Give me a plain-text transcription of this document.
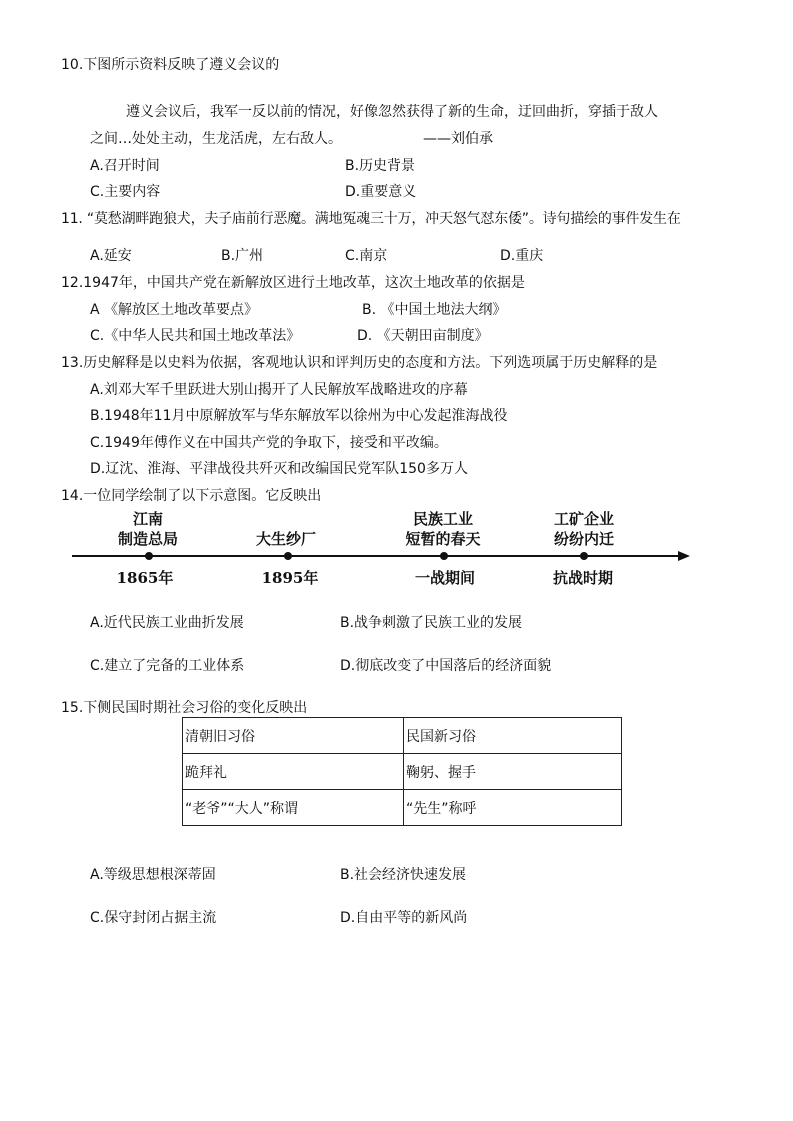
10.下图所示资料反映了遵义会议的
遵义会议后，我军一反以前的情况，好像忽然获得了新的生命，迂回曲折，穿插于敌人
之间…处处主动，生龙活虎，左右敌人。	——刘伯承
A.召开时间	B.历史背景
C.主要内容	D.重要意义
11. “莫愁湖畔跑狼犬，夫子庙前行恶魔。满地冤魂三十万，冲天怒气怼东倭”。诗句描绘的事件发生在
A.延安	B.广州	C.南京	D.重庆
12.1947年，中国共产党在新解放区进行土地改革，这次土地改革的依据是
A 《解放区土地改革要点》	B. 《中国土地法大纲》
C.《中华人民共和国土地改革法》	D. 《天朝田亩制度》
13.历史解释是以史料为依据，客观地认识和评判历史的态度和方法。下列选项属于历史解释的是
A.刘邓大军千里跃进大别山揭开了人民解放军战略进攻的序幕
B.1948年11月中原解放军与华东解放军以徐州为中心发起淮海战役
C.1949年傅作义在中国共产党的争取下，接受和平改编。
D.辽沈、淮海、平津战役共歼灭和改编国民党军队150多万人
14.一位同学绘制了以下示意图。它反映出
江南
制造总局	大生纱厂
民族工业
短暂的春天
工矿企业
纷纷内迁
1865年	1895年	一战期间	抗战时期
A.近代民族工业曲折发展	B.战争刺激了民族工业的发展
C.建立了完备的工业体系	D.彻底改变了中国落后的经济面貌
15.下侧民国时期社会习俗的变化反映出
清朝旧习俗	民国新习俗
跪拜礼	鞠躬、握手
“老爷”“大人”称谓	“先生”称呼
A.等级思想根深蒂固	B.社会经济快速发展
C.保守封闭占据主流	D.自由平等的新风尚
